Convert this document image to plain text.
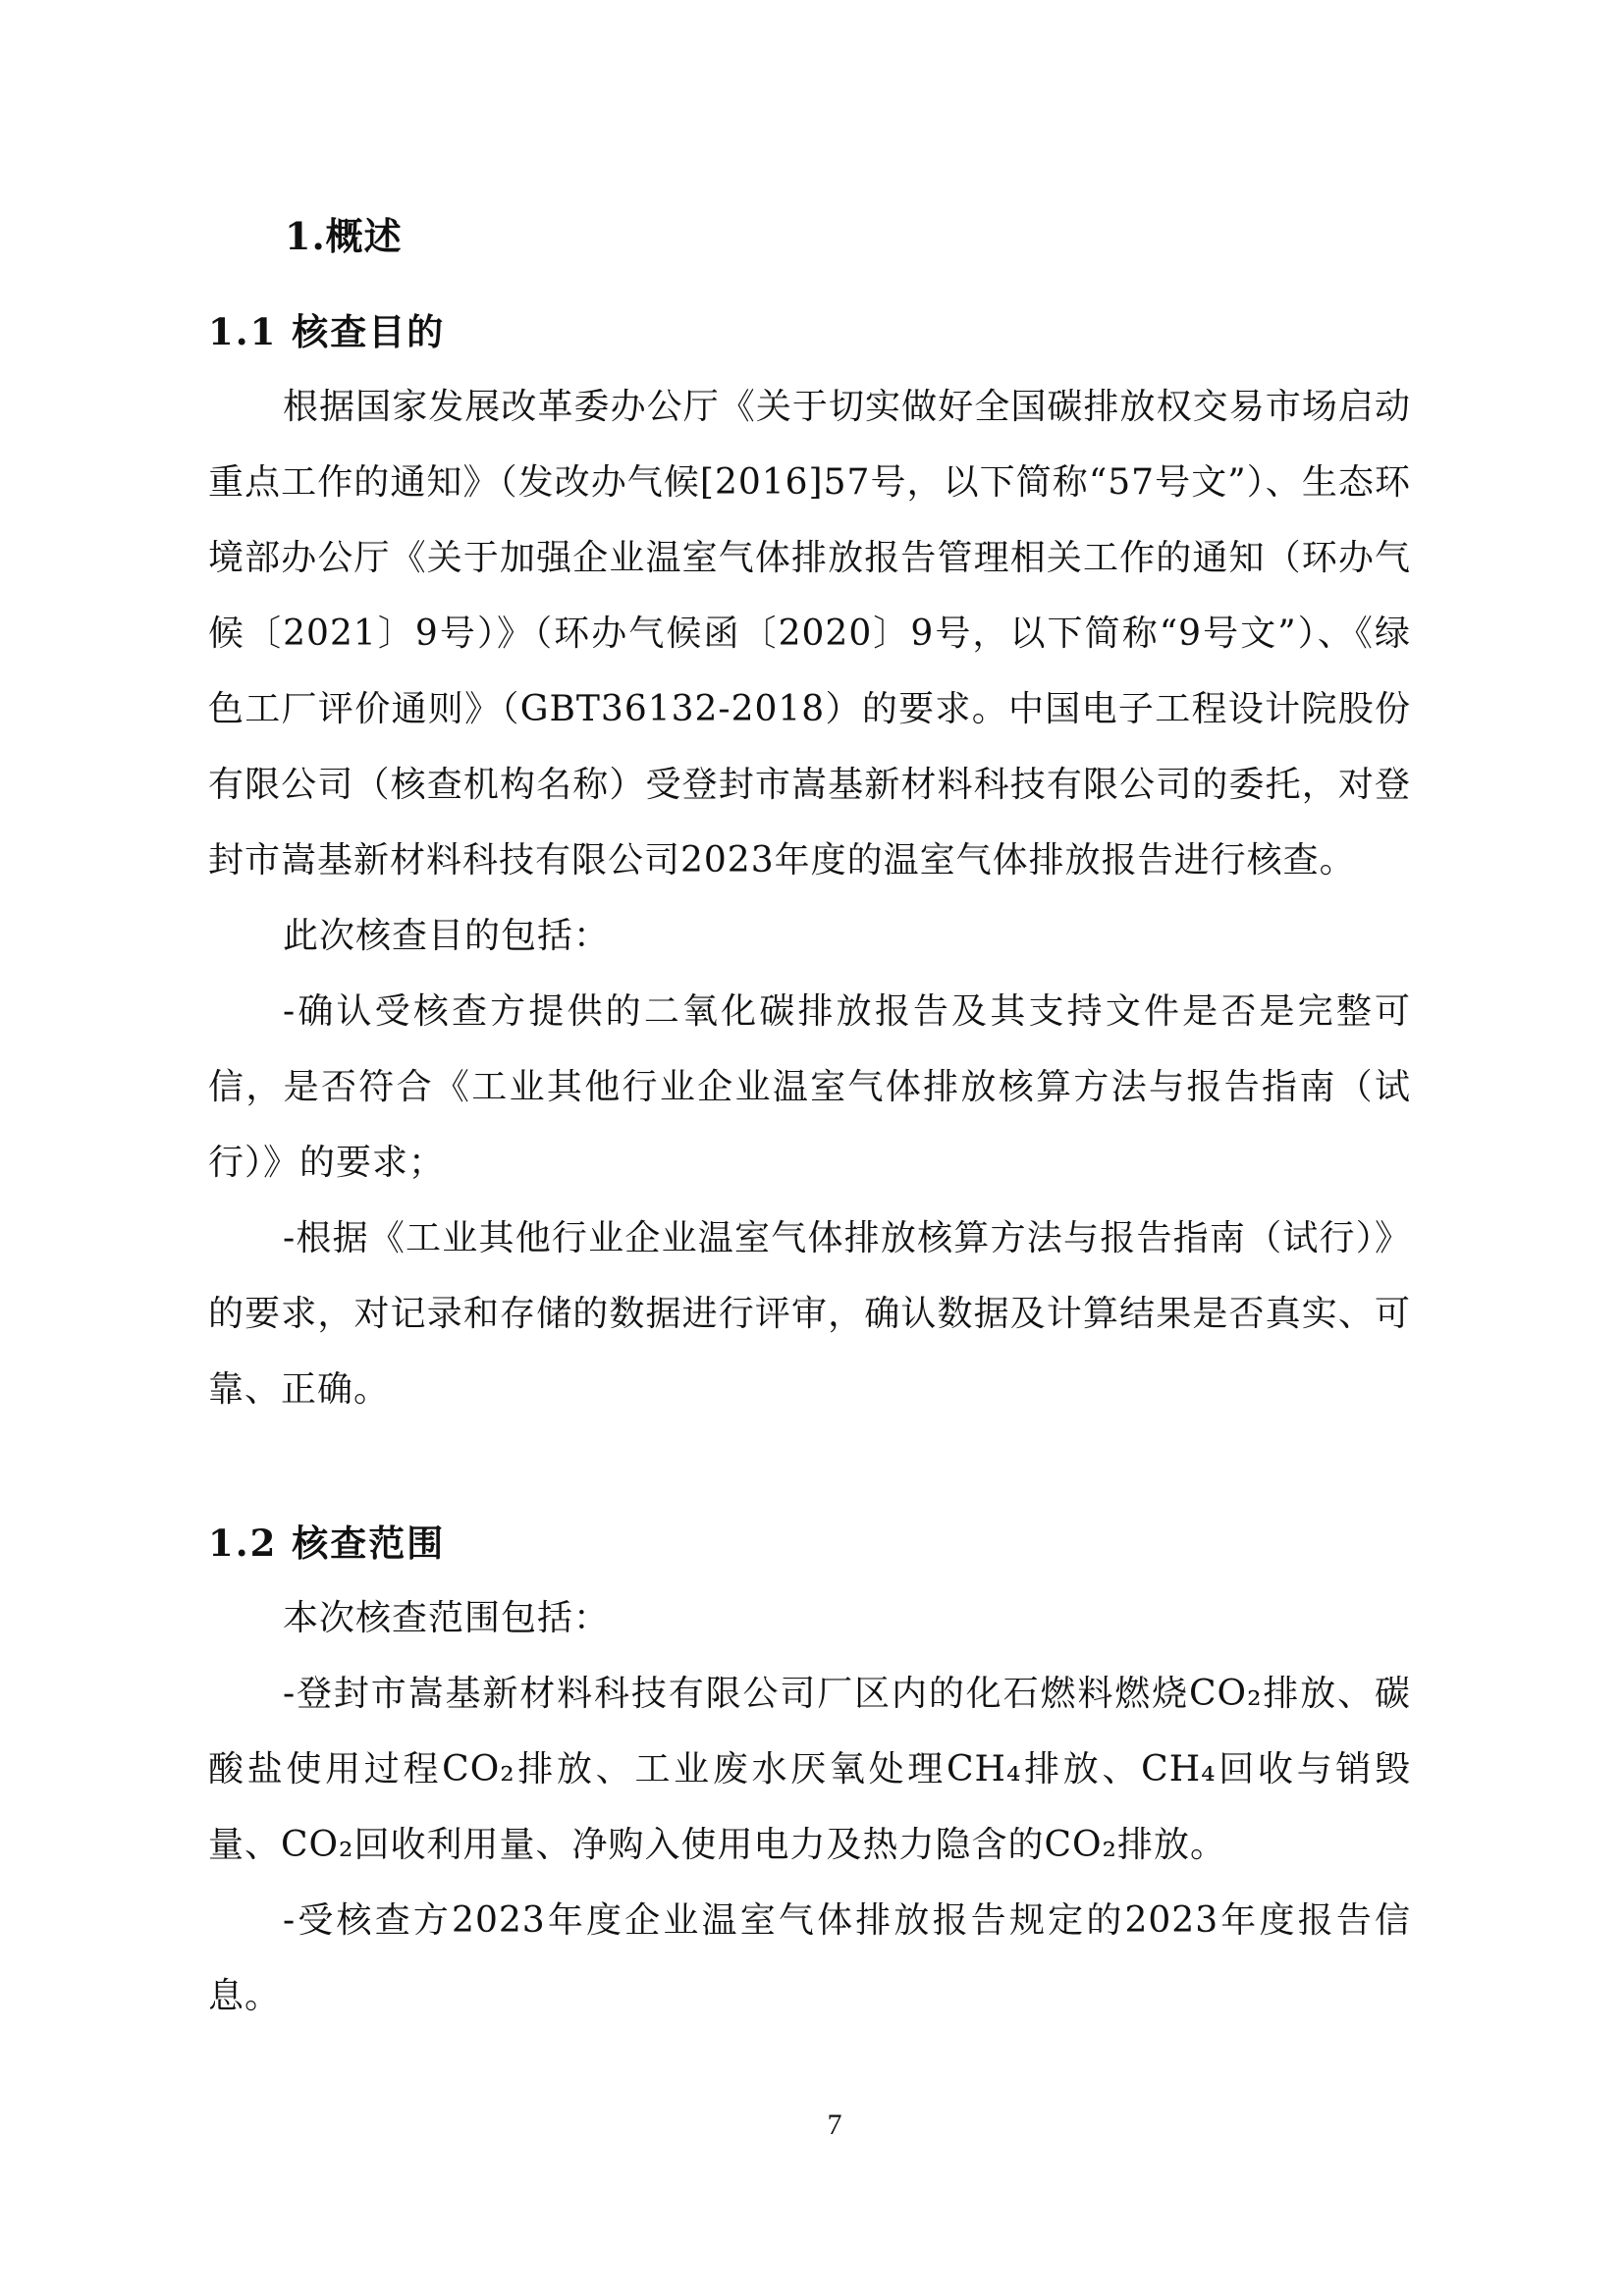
1.概述
1.1 核查目的

根据国家发展改革委办公厅《关于切实做好全国碳排放权交易市场启动重点工作的通知》（发改办气候[2016]57号，以下简称“57号文”）、生态环境部办公厅《关于加强企业温室气体排放报告管理相关工作的通知（环办气候〔2021〕9号）》（环办气候函〔2020〕9号，以下简称“9号文”）、《绿色工厂评价通则》（GBT36132-2018）的要求。中国电子工程设计院股份有限公司（核查机构名称）受登封市嵩基新材料科技有限公司的委托，对登封市嵩基新材料科技有限公司2023年度的温室气体排放报告进行核查。

此次核查目的包括：

-确认受核查方提供的二氧化碳排放报告及其支持文件是否是完整可信，是否符合《工业其他行业企业温室气体排放核算方法与报告指南（试行）》的要求；

-根据《工业其他行业企业温室气体排放核算方法与报告指南（试行）》的要求，对记录和存储的数据进行评审，确认数据及计算结果是否真实、可靠、正确。

1.2 核查范围

本次核查范围包括：

-登封市嵩基新材料科技有限公司厂区内的化石燃料燃烧CO₂排放、碳酸盐使用过程CO₂排放、工业废水厌氧处理CH₄排放、CH₄回收与销毁量、CO₂回收利用量、净购入使用电力及热力隐含的CO₂排放。

-受核查方2023年度企业温室气体排放报告规定的2023年度报告信息。

7
